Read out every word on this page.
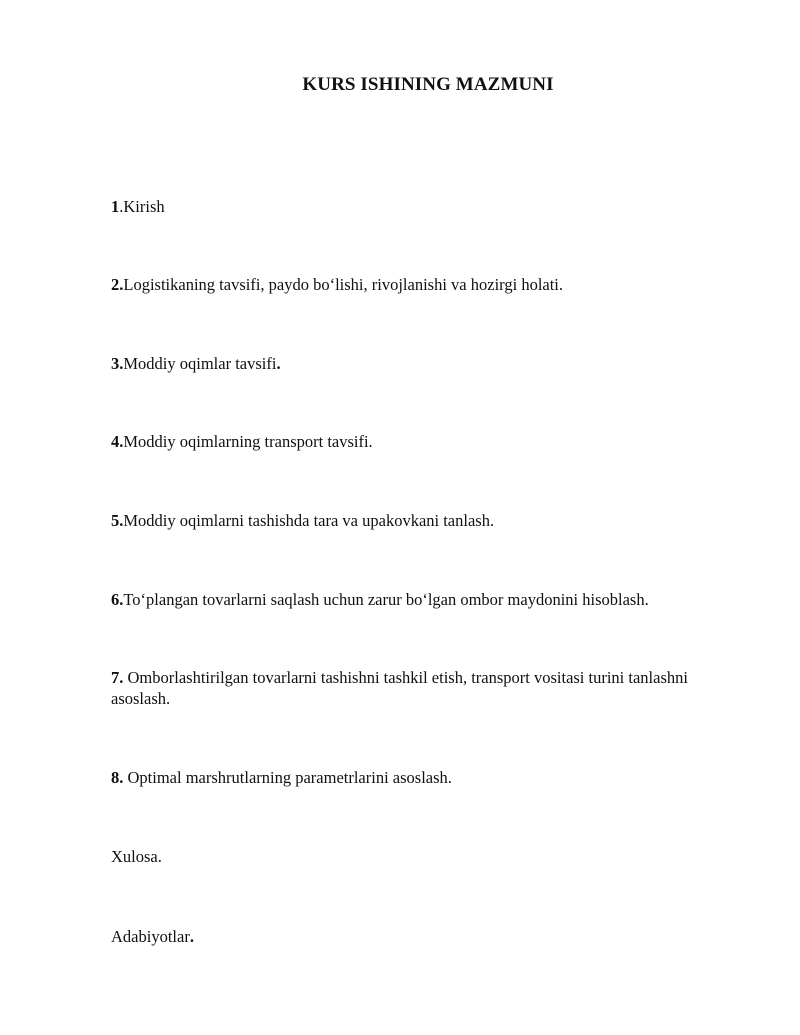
KURS ISHINING MAZMUNI
1.Kirish
2.Logistikaning tavsifi, paydo bo‘lishi, rivojlanishi va hozirgi holati.
3.Moddiy oqimlar tavsifi.
4.Moddiy oqimlarning transport tavsifi.
5.Moddiy oqimlarni tashishda tara va upakovkani tanlash.
6.To‘plangan tovarlarni saqlash uchun zarur bo‘lgan ombor maydonini hisoblash.
7. Omborlashtirilgan tovarlarni tashishni tashkil etish, transport vositasi turini tanlashni asoslash.
8. Optimal marshrutlarning parametrlarini asoslash.
Xulosa.
Adabiyotlar.
